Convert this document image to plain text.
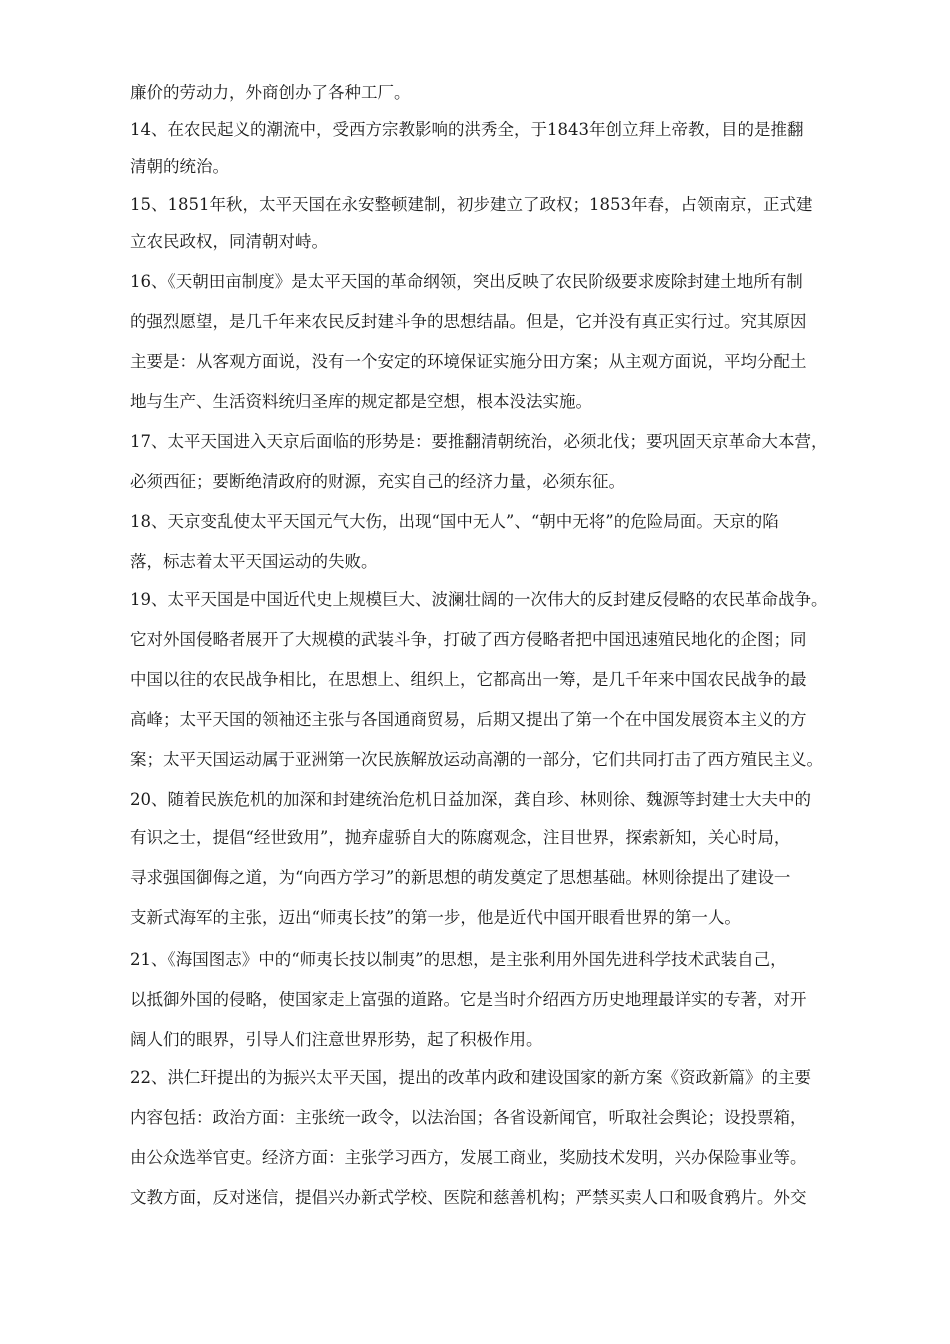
廉价的劳动力，外商创办了各种工厂。
14、在农民起义的潮流中，受西方宗教影响的洪秀全，于1843年创立拜上帝教，目的是推翻
清朝的统治。
15、1851年秋，太平天国在永安整顿建制，初步建立了政权；1853年春，占领南京，正式建
立农民政权，同清朝对峙。
16、《天朝田亩制度》是太平天国的革命纲领，突出反映了农民阶级要求废除封建土地所有制
的强烈愿望，是几千年来农民反封建斗争的思想结晶。但是，它并没有真正实行过。究其原因
主要是：从客观方面说，没有一个安定的环境保证实施分田方案；从主观方面说，平均分配土
地与生产、生活资料统归圣库的规定都是空想，根本没法实施。
17、太平天国进入天京后面临的形势是：要推翻清朝统治，必须北伐；要巩固天京革命大本营，
必须西征；要断绝清政府的财源，充实自己的经济力量，必须东征。
18、天京变乱使太平天国元气大伤，出现“国中无人”、“朝中无将”的危险局面。天京的陷
落，标志着太平天国运动的失败。
19、太平天国是中国近代史上规模巨大、波澜壮阔的一次伟大的反封建反侵略的农民革命战争。
它对外国侵略者展开了大规模的武装斗争，打破了西方侵略者把中国迅速殖民地化的企图；同
中国以往的农民战争相比，在思想上、组织上，它都高出一筹，是几千年来中国农民战争的最
高峰；太平天国的领袖还主张与各国通商贸易，后期又提出了第一个在中国发展资本主义的方
案；太平天国运动属于亚洲第一次民族解放运动高潮的一部分，它们共同打击了西方殖民主义。
20、随着民族危机的加深和封建统治危机日益加深，龚自珍、林则徐、魏源等封建士大夫中的
有识之士，提倡“经世致用”，抛弃虚骄自大的陈腐观念，注目世界，探索新知，关心时局，
寻求强国御侮之道，为“向西方学习”的新思想的萌发奠定了思想基础。林则徐提出了建设一
支新式海军的主张，迈出“师夷长技”的第一步，他是近代中国开眼看世界的第一人。
21、《海国图志》中的“师夷长技以制夷”的思想，是主张利用外国先进科学技术武装自己，
以抵御外国的侵略，使国家走上富强的道路。它是当时介绍西方历史地理最详实的专著，对开
阔人们的眼界，引导人们注意世界形势，起了积极作用。
22、洪仁玕提出的为振兴太平天国，提出的改革内政和建设国家的新方案《资政新篇》的主要
内容包括：政治方面：主张统一政令，以法治国；各省设新闻官，听取社会舆论；设投票箱，
由公众选举官吏。经济方面：主张学习西方，发展工商业，奖励技术发明，兴办保险事业等。
文教方面，反对迷信，提倡兴办新式学校、医院和慈善机构；严禁买卖人口和吸食鸦片。外交
